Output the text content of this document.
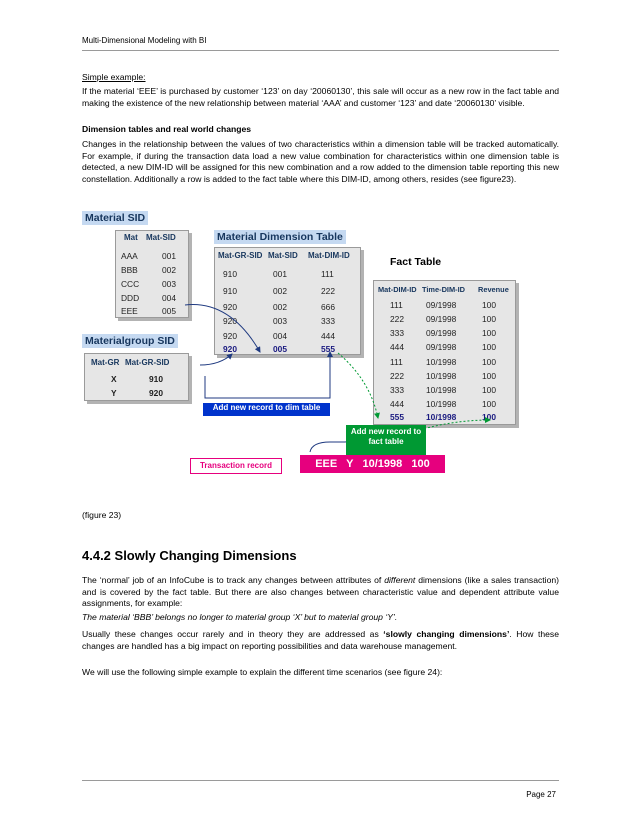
Multi-Dimensional Modeling with BI
Simple example:
If the material ‘EEE’ is purchased by customer ‘123’ on day ‘20060130’, this sale will occur as a new row in the fact table and making the existence of the new relationship between material ‘AAA’ and customer ‘123’ and date ‘20060130’ visible.
Dimension tables and real world changes
Changes in the relationship between the values of two characteristics within a dimension table will be tracked automatically. For example, if during the transaction data load a new value combination for characteristics within one dimension table is detected, a new DIM-ID will be assigned for this new combination and a row added to the dimension table reporting this new constellation. Additionally a row is added to the fact table where this DIM-ID, among others, resides (see figure23).
Material SID
Mat Mat-SID
AAA	001
BBB	002
CCC	003
DDD	004
EEE	005
Materialgroup SID
Mat-GR Mat-GR-SID
X	910
Y	920
Material Dimension Table
Mat-GR-SID Mat-SID Mat-DIM-ID
910	001	111
910	002	222
920	002	666
920	003	333
920	004	444
920	005	555
Fact Table
Mat-DIM-ID Time-DIM-ID Revenue
111	09/1998	100
222	09/1998	100
333	09/1998	100
444	09/1998	100
111	10/1998	100
222	10/1998	100
333	10/1998	100
444	10/1998	100
555	10/1998	100
Add new record to dim table
Add new record to fact table
Transaction record	EEE   Y   10/1998   100
(figure 23)
4.4.2 Slowly Changing Dimensions
The ‘normal’ job of an InfoCube is to track any changes between attributes of different dimensions (like a sales transaction) and is covered by the fact table. But there are also changes between characteristic value and dependent attribute value assignments, for example:
The material ‘BBB’ belongs no longer to material group ‘X’ but to material group ‘Y’.
Usually these changes occur rarely and in theory they are addressed as ‘slowly changing dimensions’. How these changes are handled has a big impact on reporting possibilities and data warehouse management.
We will use the following simple example to explain the different time scenarios (see figure 24):
Page 27
